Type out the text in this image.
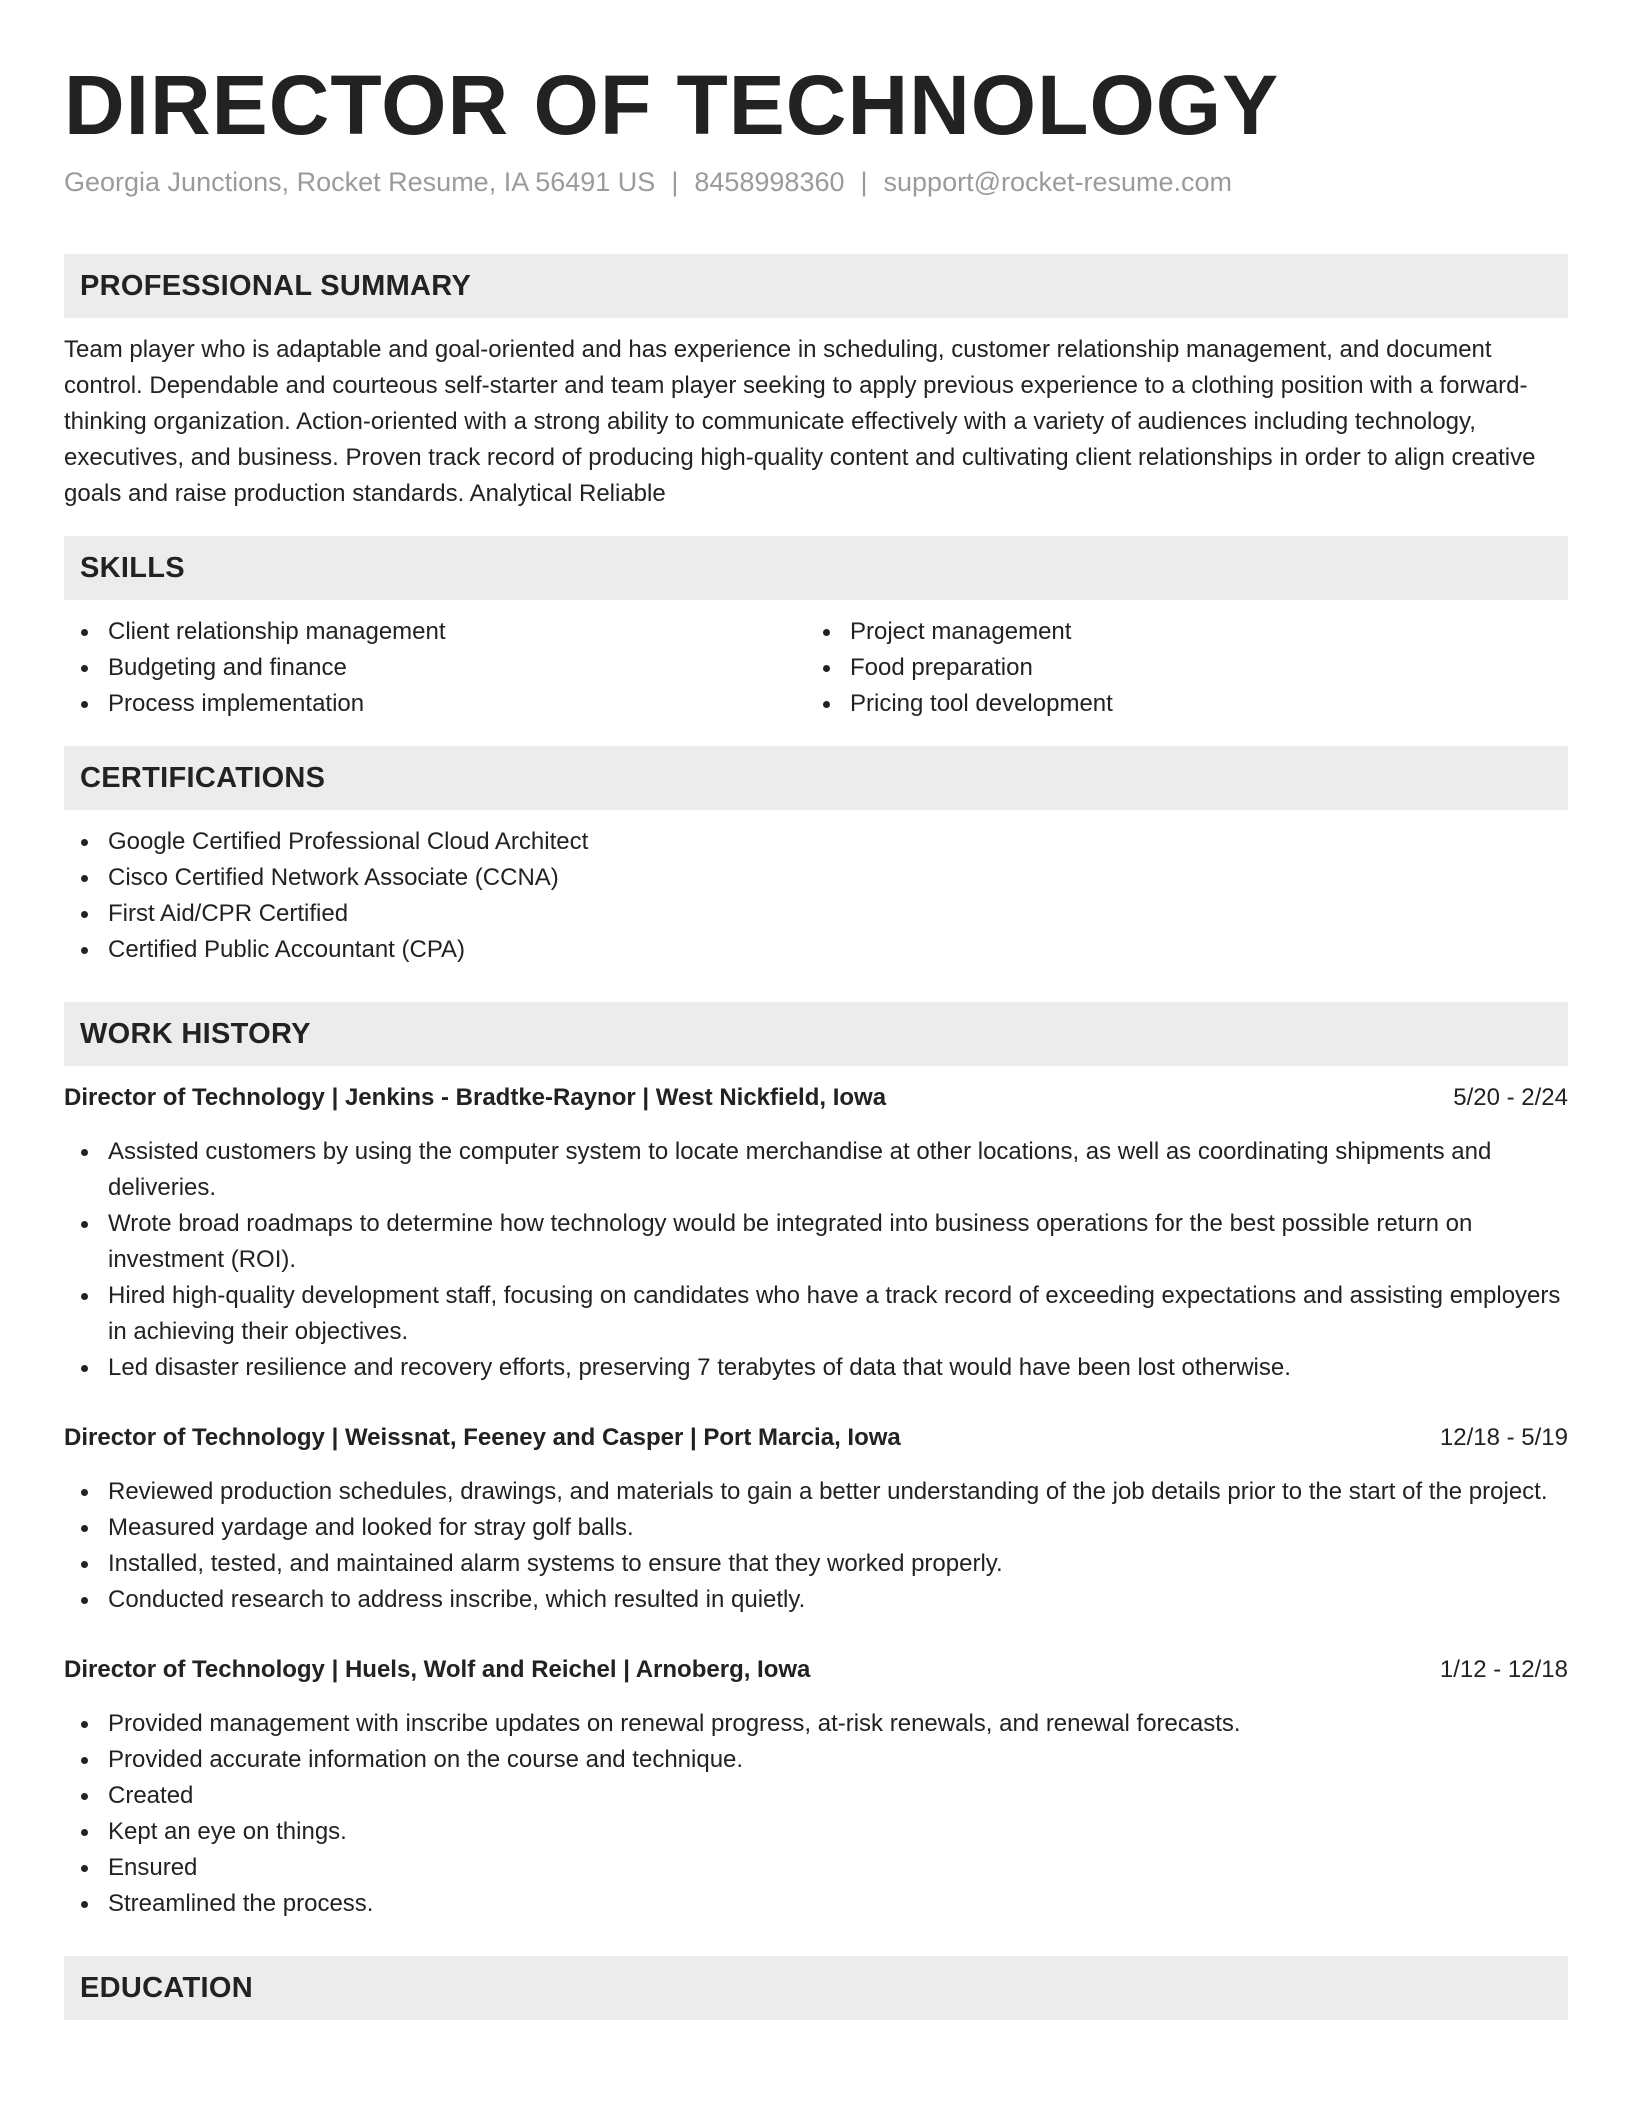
DIRECTOR OF TECHNOLOGY
Georgia Junctions, Rocket Resume, IA 56491 US | 8458998360 | support@rocket-resume.com
PROFESSIONAL SUMMARY

Team player who is adaptable and goal-oriented and has experience in scheduling, customer relationship management, and document control. Dependable and courteous self-starter and team player seeking to apply previous experience to a clothing position with a forward-thinking organization. Action-oriented with a strong ability to communicate effectively with a variety of audiences including technology, executives, and business. Proven track record of producing high-quality content and cultivating client relationships in order to align creative goals and raise production standards. Analytical Reliable

SKILLS
Client relationship management
Budgeting and finance
Process implementation
Project management
Food preparation
Pricing tool development
CERTIFICATIONS
Google Certified Professional Cloud Architect
Cisco Certified Network Associate (CCNA)
First Aid/CPR Certified
Certified Public Accountant (CPA)
WORK HISTORY
Director of Technology | Jenkins - Bradtke-Raynor | West Nickfield, Iowa	5/20 - 2/24
Assisted customers by using the computer system to locate merchandise at other locations, as well as coordinating shipments and deliveries.
Wrote broad roadmaps to determine how technology would be integrated into business operations for the best possible return on investment (ROI).
Hired high-quality development staff, focusing on candidates who have a track record of exceeding expectations and assisting employers in achieving their objectives.
Led disaster resilience and recovery efforts, preserving 7 terabytes of data that would have been lost otherwise.
Director of Technology | Weissnat, Feeney and Casper | Port Marcia, Iowa	12/18 - 5/19
Reviewed production schedules, drawings, and materials to gain a better understanding of the job details prior to the start of the project.
Measured yardage and looked for stray golf balls.
Installed, tested, and maintained alarm systems to ensure that they worked properly.
Conducted research to address inscribe, which resulted in quietly.
Director of Technology | Huels, Wolf and Reichel | Arnoberg, Iowa	1/12 - 12/18
Provided management with inscribe updates on renewal progress, at-risk renewals, and renewal forecasts.
Provided accurate information on the course and technique.
Created
Kept an eye on things.
Ensured
Streamlined the process.
EDUCATION
